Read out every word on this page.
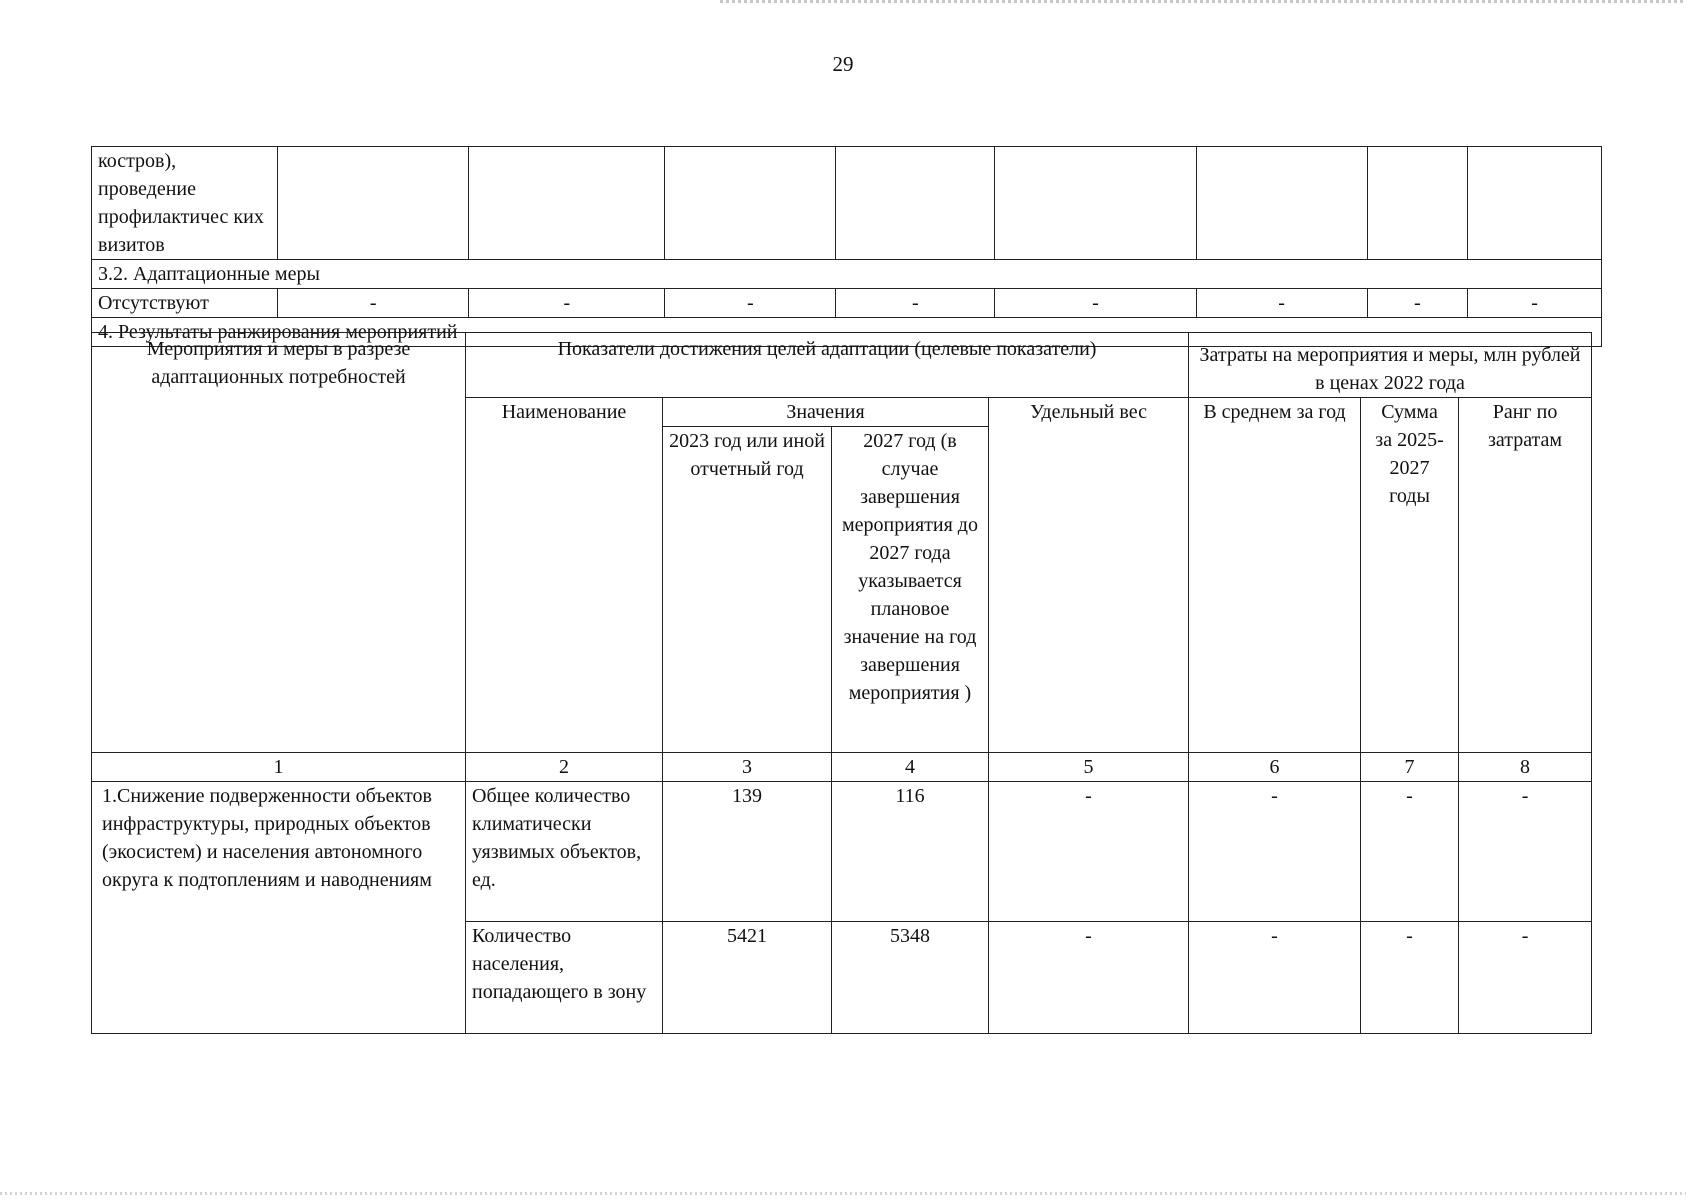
29
костров), проведение профилактичес ких визитов								
3.2. Адаптационные меры								
Отсутствуют	-	-	-	-	-	-	-	-
4. Результаты ранжирования мероприятий								
Мероприятия и меры в разрезе адаптационных потребностей	Показатели достижения целей адаптации (целевые показатели)				Затраты на мероприятия и меры, млн рублей в ценах 2022 года		
	Наименование	Значения		Удельный вес	В среднем за год	Сумма за 2025-2027 годы	Ранг по затратам
		2023 год или иной отчетный год	2027 год (в случае завершения мероприятия до 2027 года указывается плановое значение на год завершения мероприятия )				
1	2	3	4	5	6	7	8
1.Снижение подверженности объектов инфраструктуры, природных объектов (экосистем) и населения автономного округа к подтоплениям и наводнениям	Общее количество климатически уязвимых объектов, ед.	139	116	-	-	-	-
	Количество населения, попадающего в зону	5421	5348	-	-	-	-
